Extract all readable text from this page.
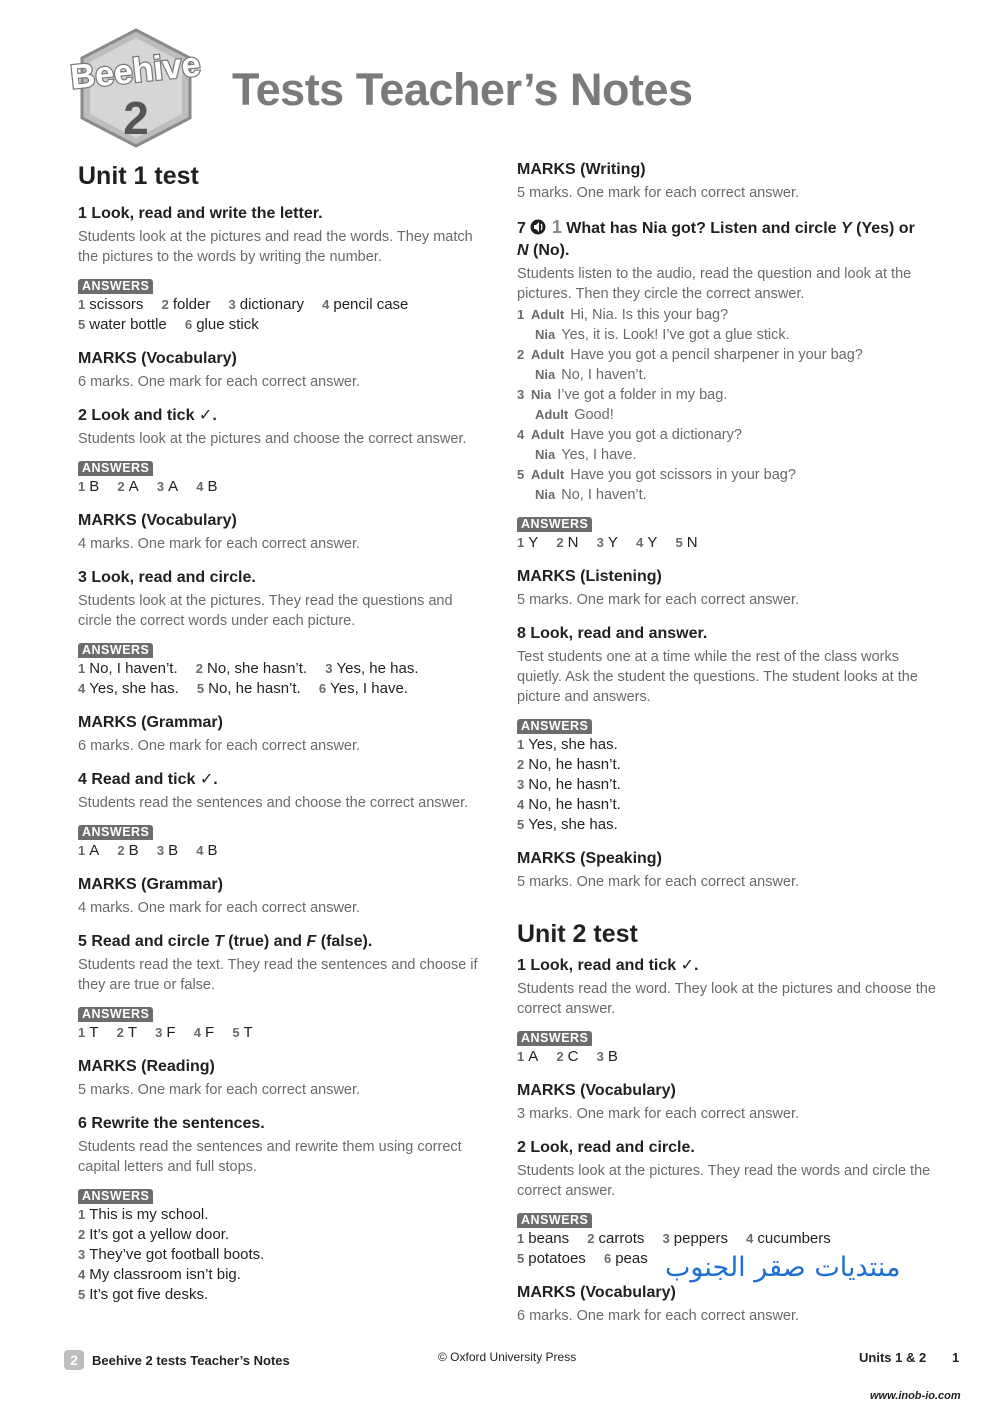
Beehive
2
Tests Teacher’s Notes
Unit 1 test

1 Look, read and write the letter.

Students look at the pictures and read the words. They match the pictures to the words by writing the number.

ANSWERS

1 scissors 2 folder 3 dictionary 4 pencil case

5 water bottle 6 glue stick

MARKS (Vocabulary)

6 marks. One mark for each correct answer.

2 Look and tick ✓.

Students look at the pictures and choose the correct answer.

ANSWERS

1 B 2 A 3 A 4 B

MARKS (Vocabulary)

4 marks. One mark for each correct answer.

3 Look, read and circle.

Students look at the pictures. They read the questions and circle the correct words under each picture.

ANSWERS

1 No, I haven’t. 2 No, she hasn’t. 3 Yes, he has.

4 Yes, she has. 5 No, he hasn’t. 6 Yes, I have.

MARKS (Grammar)

6 marks. One mark for each correct answer.

4 Read and tick ✓.

Students read the sentences and choose the correct answer.

ANSWERS

1 A 2 B 3 B 4 B

MARKS (Grammar)

4 marks. One mark for each correct answer.

5 Read and circle T (true) and F (false).

Students read the text. They read the sentences and choose if they are true or false.

ANSWERS

1 T 2 T 3 F 4 F 5 T

MARKS (Reading)

5 marks. One mark for each correct answer.

6 Rewrite the sentences.

Students read the sentences and rewrite them using correct capital letters and full stops.

ANSWERS

1 This is my school.

2 It’s got a yellow door.

3 They’ve got football boots.

4 My classroom isn’t big.

5 It’s got five desks.

MARKS (Writing)

5 marks. One mark for each correct answer.

7 1 What has Nia got? Listen and circle Y (Yes) or
N (No).

Students listen to the audio, read the question and look at the pictures. Then they circle the correct answer.

1 Adult Hi, Nia. Is this your bag?

Nia Yes, it is. Look! I’ve got a glue stick.

2 Adult Have you got a pencil sharpener in your bag?

Nia No, I haven’t.

3 Nia I’ve got a folder in my bag.

Adult Good!

4 Adult Have you got a dictionary?

Nia Yes, I have.

5 Adult Have you got scissors in your bag?

Nia No, I haven’t.

ANSWERS

1 Y 2 N 3 Y 4 Y 5 N

MARKS (Listening)

5 marks. One mark for each correct answer.

8 Look, read and answer.

Test students one at a time while the rest of the class works quietly. Ask the student the questions. The student looks at the picture and answers.

ANSWERS

1 Yes, she has.

2 No, he hasn’t.

3 No, he hasn’t.

4 No, he hasn’t.

5 Yes, she has.

MARKS (Speaking)

5 marks. One mark for each correct answer.

Unit 2 test

1 Look, read and tick ✓.

Students read the word. They look at the pictures and choose the correct answer.

ANSWERS

1 A 2 C 3 B

MARKS (Vocabulary)

3 marks. One mark for each correct answer.

2 Look, read and circle.

Students look at the pictures. They read the words and circle the correct answer.

ANSWERS

1 beans 2 carrots 3 peppers 4 cucumbers

5 potatoes 6 peas

MARKS (Vocabulary)

6 marks. One mark for each correct answer.

منتديات صقر الجنوب
2 Beehive 2 tests Teacher’s Notes	© Oxford University Press	Units 1 & 2 1
www.inob-io.com
